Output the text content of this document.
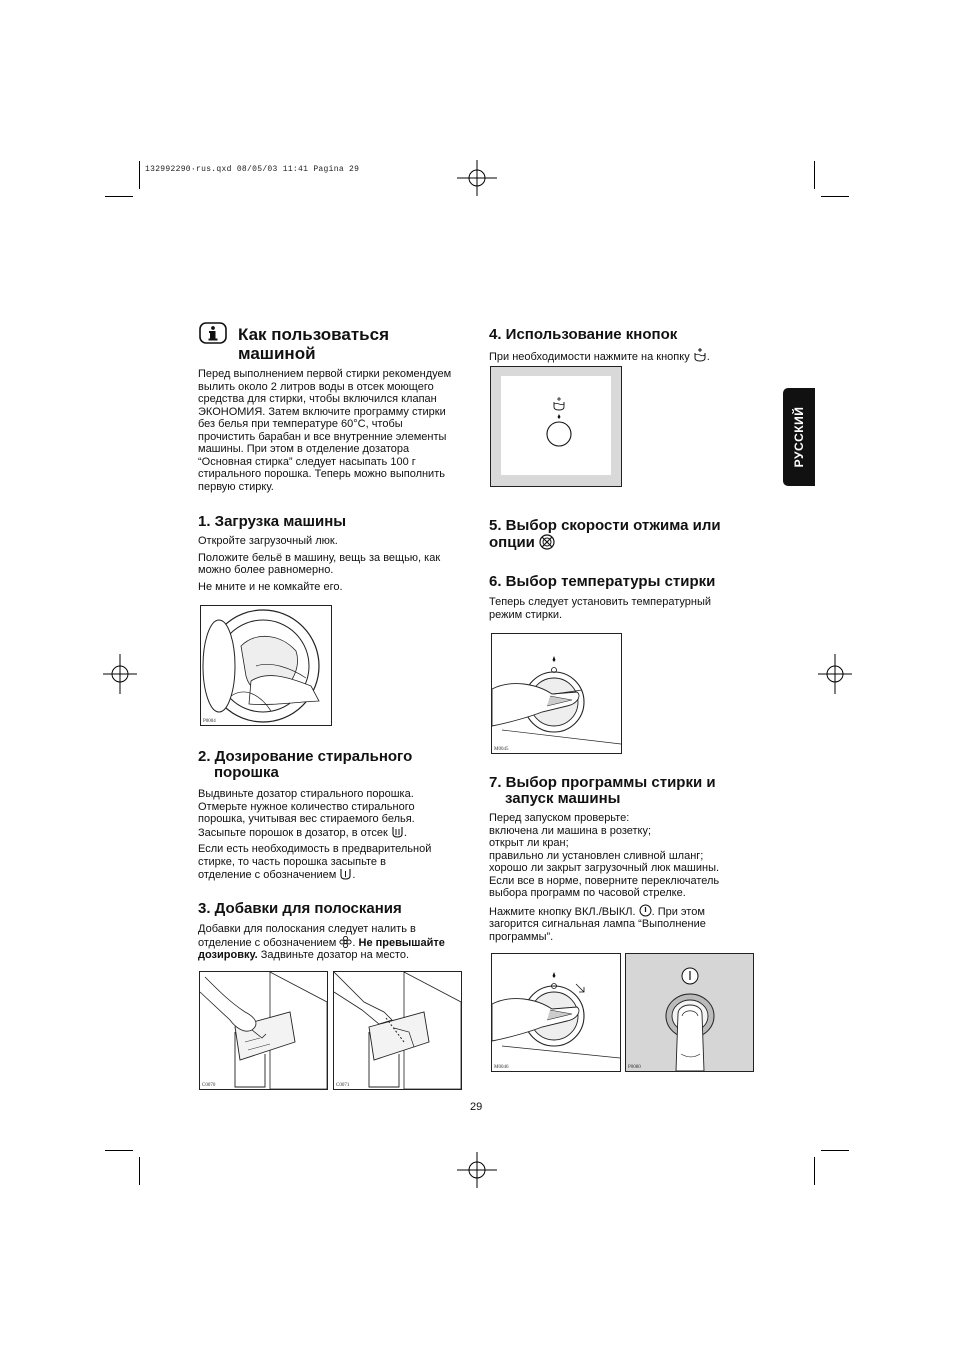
132992290·rus.qxd 08/05/03 11:41 Pagina 29
РУССКИЙ
Как пользоваться
машиной

Перед выполнением первой стирки рекомендуем

вылить около 2 литров воды в отсек моющего

средства для стирки, чтобы включился клапан

ЭКОНОМИЯ. Затем включите программу стирки

без белья при температуре 60°С, чтобы

прочистить барабан и все внутренние элементы

машины. При этом в отделение дозатора

“Основная стирка” следует насыпать 100 г

стирального порошка. Теперь можно выполнить

первую стирку.

1. Загрузка машины

Откройте загрузочный люк.

Положите бельё в машину, вещь за вещью, как

можно более равномерно.

Не мните и не комкайте его.

P0004
2. Дозирование стирального
порошка

Выдвиньте дозатор стирального порошка.

Отмерьте нужное количество стирального

порошка, учитывая вес стираемого белья.

Засыпьте порошок в дозатор, в отсек .

Если есть необходимость в предварительной

стирке, то часть порошка засыпьте в

отделение с обозначением .

3. Добавки для полоскания

Добавки для полоскания следует налить в

отделение с обозначением . Не превышайте

дозировку. Задвиньте дозатор на место.

C0070	C0071
4. Использование кнопок

При необходимости нажмите на кнопку .

5. Выбор скорости отжима или
опции
6. Выбор температуры стирки

Теперь следует установить температурный

режим стирки.

M0045
7. Выбор программы стирки и
запуск машины

Перед запуском проверьте:

включена ли машина в розетку;

открыт ли кран;

правильно ли установлен сливной шланг;

хорошо ли закрыт загрузочный люк машины.

Если все в норме, поверните переключатель

выбора программ по часовой стрелке.

Нажмите кнопку ВКЛ./ВЫКЛ. . При этом

загорится сигнальная лампа “Выполнение

программы”.

M0046	P0080
29
